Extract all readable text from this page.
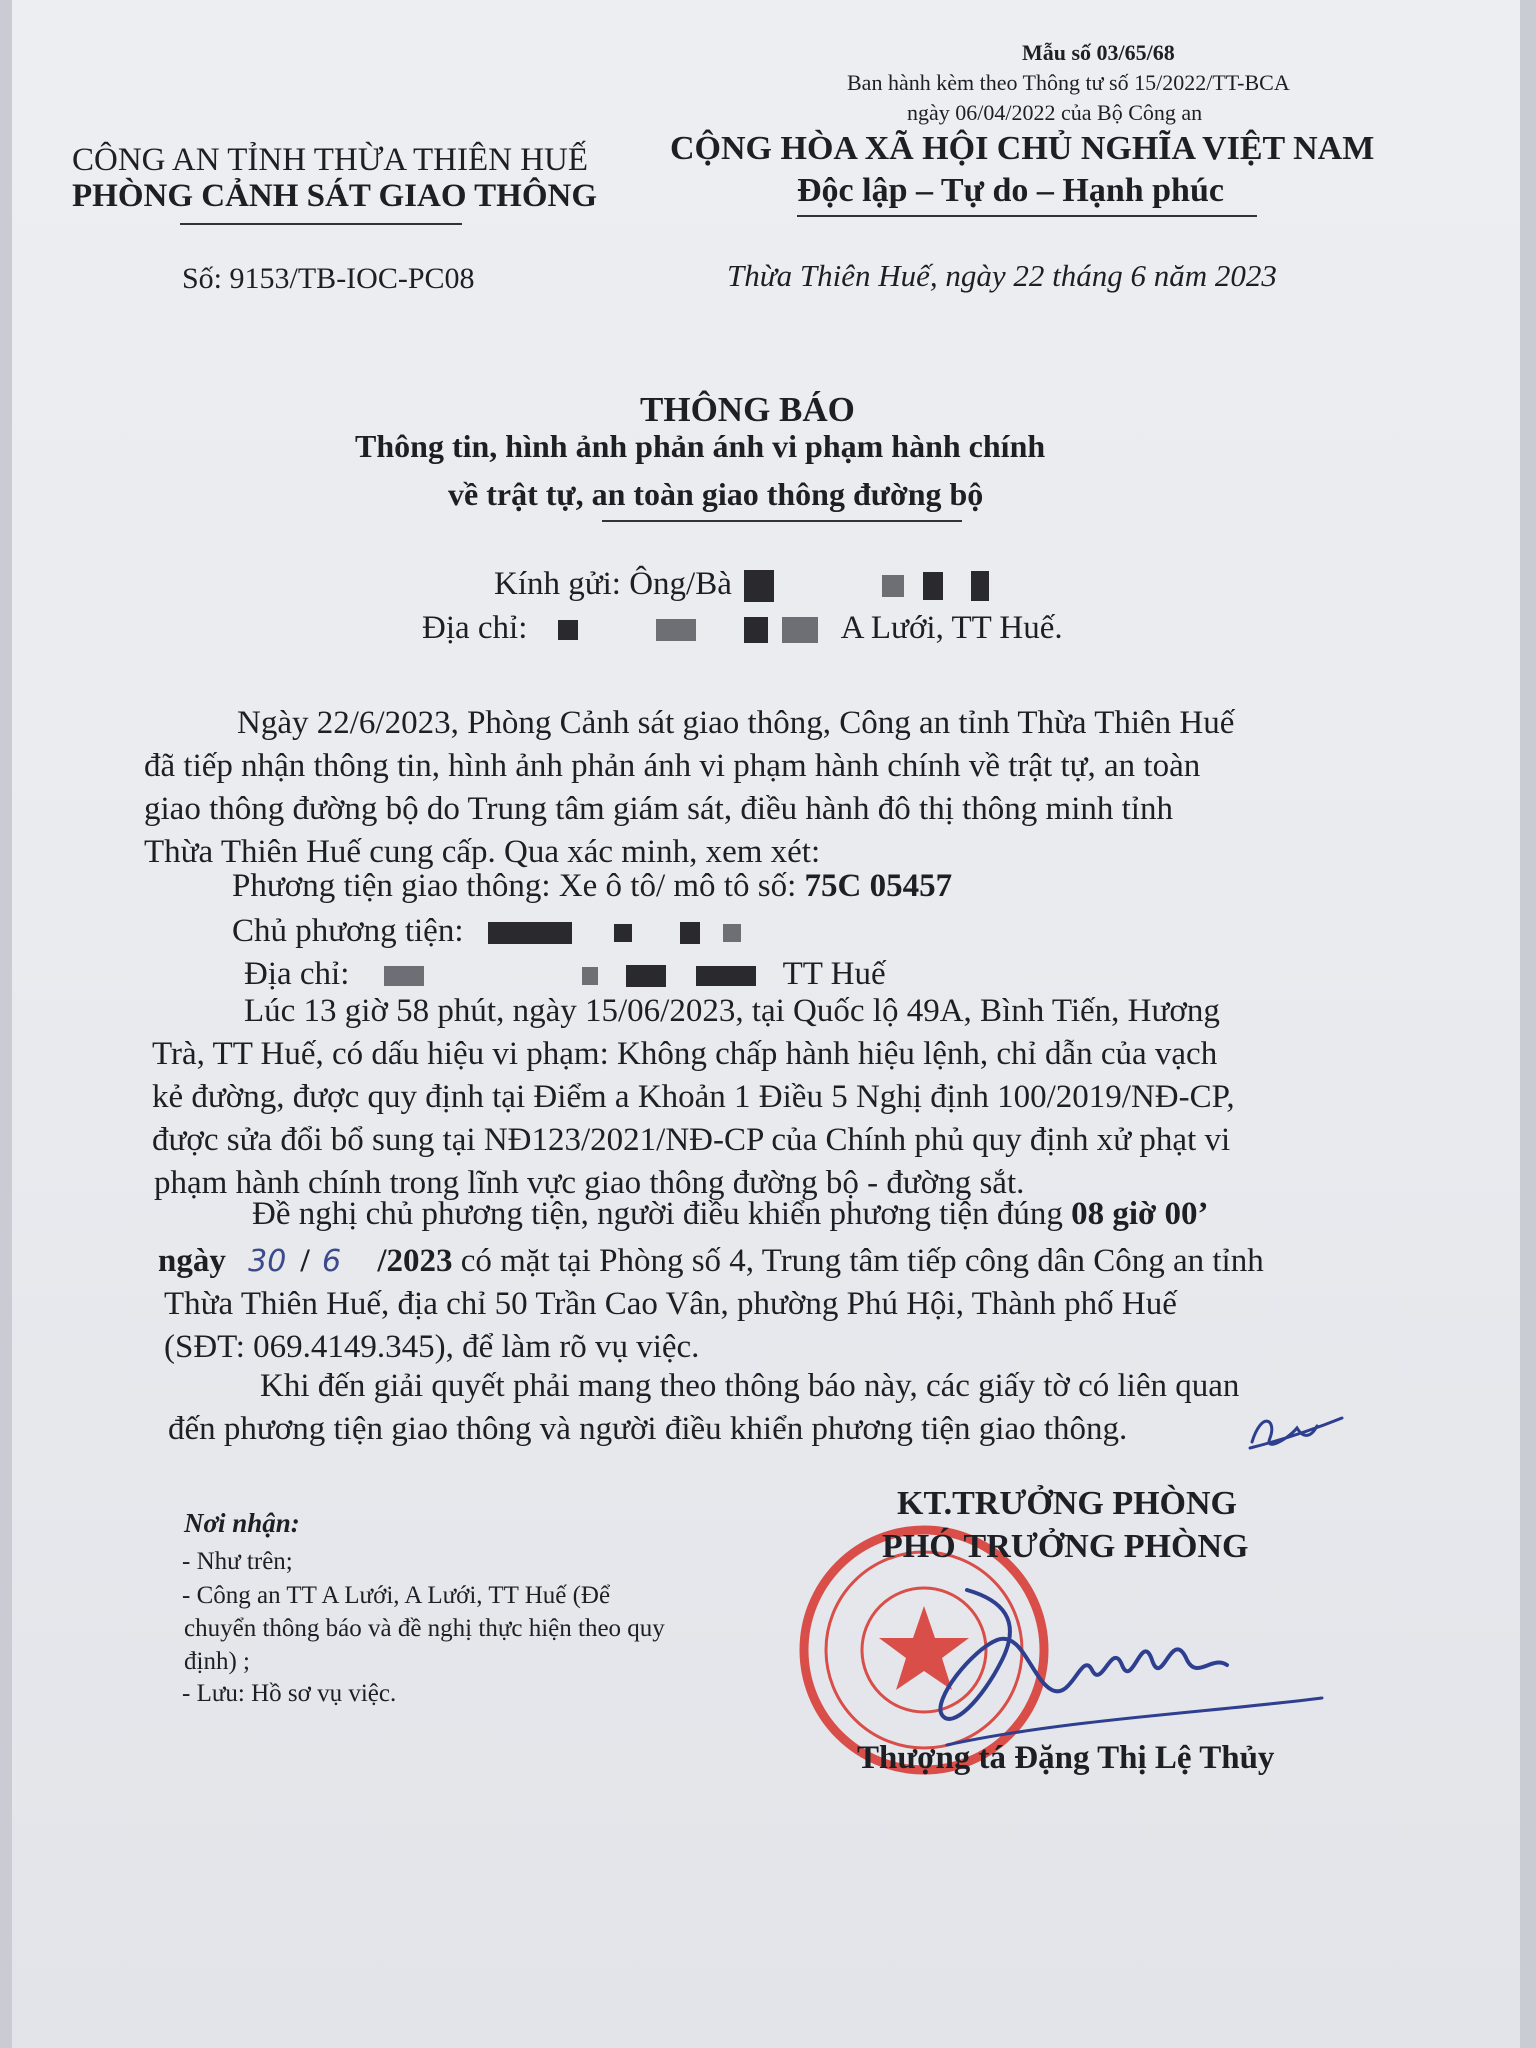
Mẫu số 03/65/68
Ban hành kèm theo Thông tư số 15/2022/TT-BCA
ngày 06/04/2022 của Bộ Công an
CÔNG AN TỈNH THỪA THIÊN HUẾ
PHÒNG CẢNH SÁT GIAO THÔNG
Số: 9153/TB-IOC-PC08
CỘNG HÒA XÃ HỘI CHỦ NGHĨA VIỆT NAM
Độc lập – Tự do – Hạnh phúc
Thừa Thiên Huế, ngày 22 tháng 6 năm 2023
THÔNG BÁO
Thông tin, hình ảnh phản ánh vi phạm hành chính
về trật tự, an toàn giao thông đường bộ
Kính gửi: Ông/Bà
Địa chỉ:	A Lưới, TT Huế.
Ngày 22/6/2023, Phòng Cảnh sát giao thông, Công an tỉnh Thừa Thiên Huế
đã tiếp nhận thông tin, hình ảnh phản ánh vi phạm hành chính về trật tự, an toàn
giao thông đường bộ do Trung tâm giám sát, điều hành đô thị thông minh tỉnh
Thừa Thiên Huế cung cấp. Qua xác minh, xem xét:
Phương tiện giao thông: Xe ô tô/ mô tô số: 75C 05457
Chủ phương tiện:
Địa chỉ:	TT Huế
Lúc 13 giờ 58 phút, ngày 15/06/2023, tại Quốc lộ 49A, Bình Tiến, Hương
Trà, TT Huế, có dấu hiệu vi phạm: Không chấp hành hiệu lệnh, chỉ dẫn của vạch
kẻ đường, được quy định tại Điểm a Khoản 1 Điều 5 Nghị định 100/2019/NĐ-CP,
được sửa đổi bổ sung tại NĐ123/2021/NĐ-CP của Chính phủ quy định xử phạt vi
phạm hành chính trong lĩnh vực giao thông đường bộ - đường sắt.
Đề nghị chủ phương tiện, người điều khiển phương tiện đúng 08 giờ 00’
ngày 30 / 6 /2023 có mặt tại Phòng số 4, Trung tâm tiếp công dân Công an tỉnh
Thừa Thiên Huế, địa chỉ 50 Trần Cao Vân, phường Phú Hội, Thành phố Huế
(SĐT: 069.4149.345), để làm rõ vụ việc.
Khi đến giải quyết phải mang theo thông báo này, các giấy tờ có liên quan
đến phương tiện giao thông và người điều khiển phương tiện giao thông.
Nơi nhận:
- Như trên;
- Công an TT A Lưới, A Lưới, TT Huế (Để
chuyển thông báo và đề nghị thực hiện theo quy
định) ;
- Lưu: Hồ sơ vụ việc.
KT.TRƯỞNG PHÒNG
PHÓ TRƯỞNG PHÒNG
Thượng tá Đặng Thị Lệ Thủy
